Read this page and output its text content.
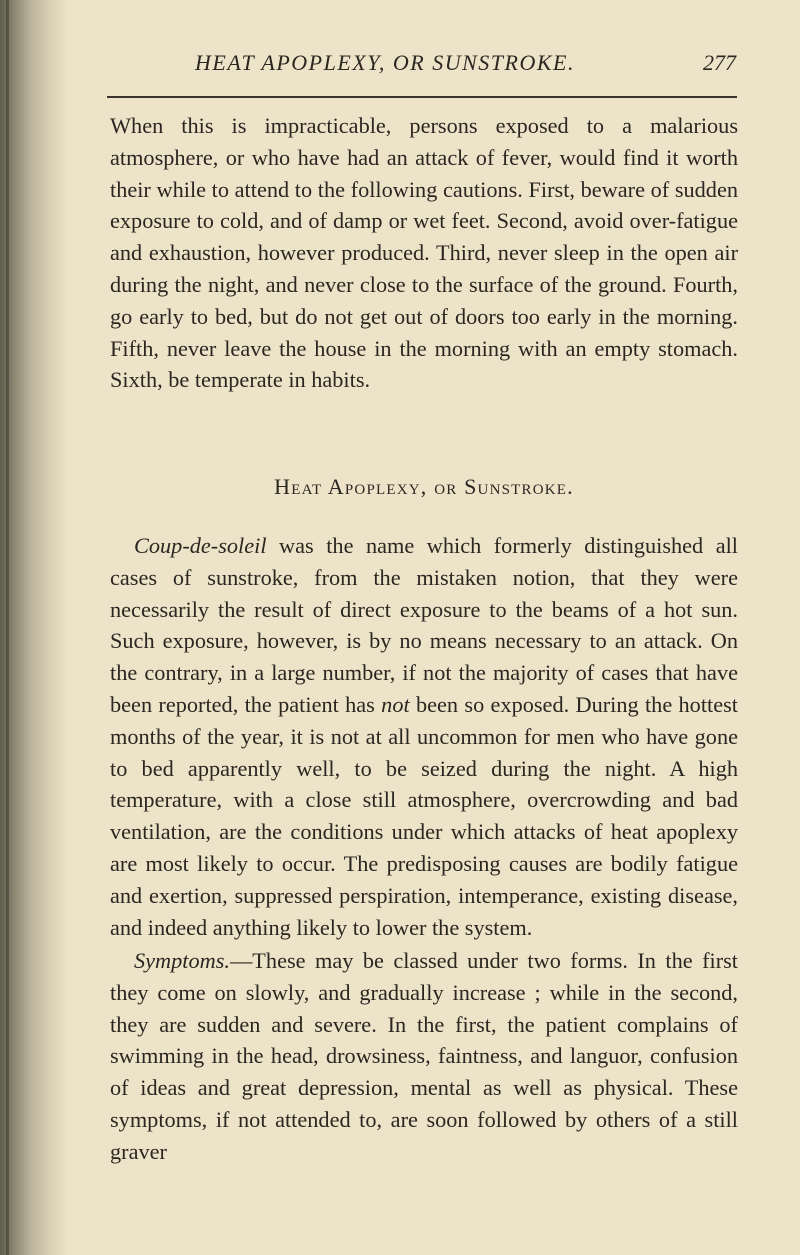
HEAT APOPLEXY, OR SUNSTROKE.	277

When this is impracticable, persons exposed to a malarious atmosphere, or who have had an attack of fever, would find it worth their while to attend to the following cautions. First, beware of sudden exposure to cold, and of damp or wet feet. Second, avoid over-fatigue and exhaustion, however produced. Third, never sleep in the open air during the night, and never close to the surface of the ground. Fourth, go early to bed, but do not get out of doors too early in the morning. Fifth, never leave the house in the morning with an empty stomach. Sixth, be temperate in habits.

Heat Apoplexy, or Sunstroke.

Coup-de-soleil was the name which formerly distinguished all cases of sunstroke, from the mistaken notion, that they were necessarily the result of direct exposure to the beams of a hot sun. Such exposure, however, is by no means necessary to an attack. On the contrary, in a large number, if not the majority of cases that have been reported, the patient has not been so exposed. During the hottest months of the year, it is not at all uncommon for men who have gone to bed apparently well, to be seized during the night. A high temperature, with a close still atmosphere, overcrowding and bad ventilation, are the conditions under which attacks of heat apoplexy are most likely to occur. The predisposing causes are bodily fatigue and exertion, suppressed perspiration, intemperance, existing disease, and indeed anything likely to lower the system.

Symptoms.—These may be classed under two forms. In the first they come on slowly, and gradually increase ; while in the second, they are sudden and severe. In the first, the patient complains of swimming in the head, drowsiness, faintness, and languor, confusion of ideas and great depression, mental as well as physical. These symptoms, if not attended to, are soon followed by others of a still graver
